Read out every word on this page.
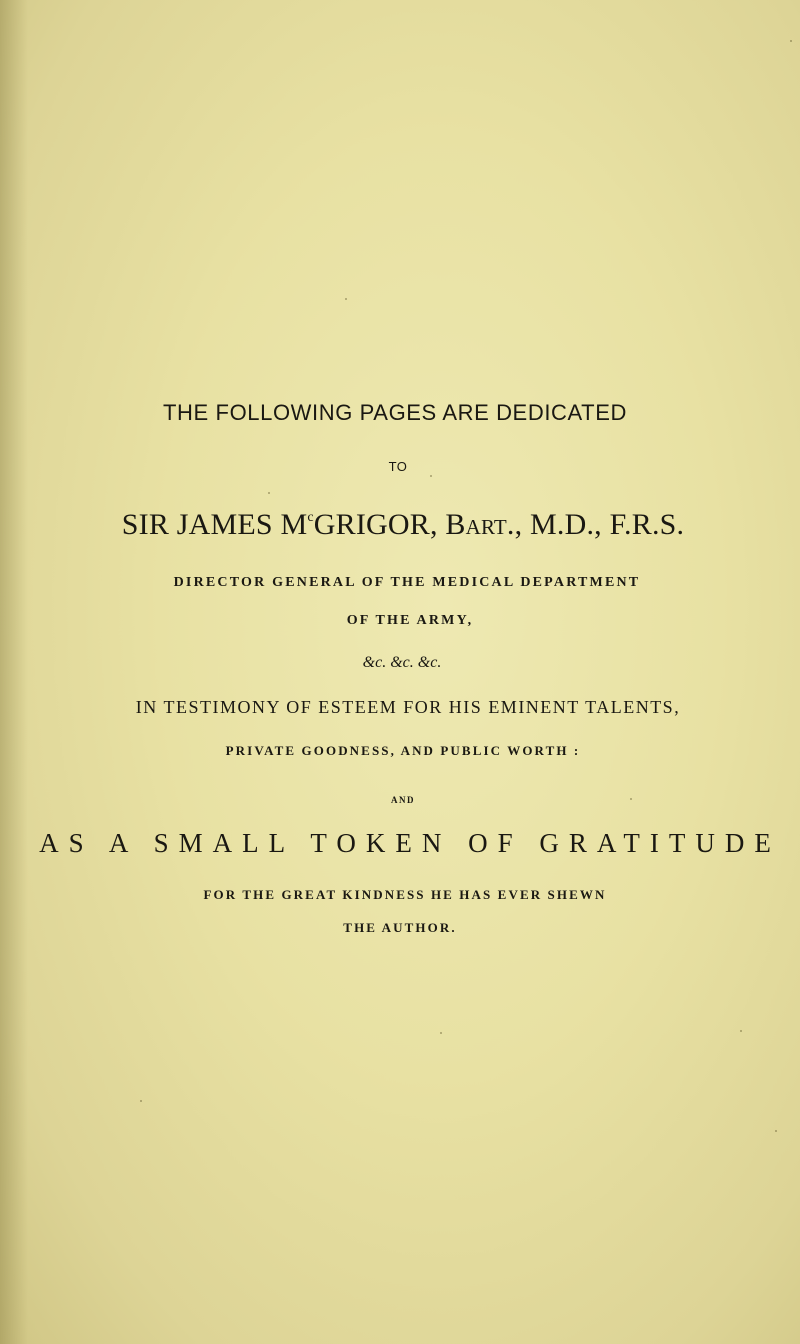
THE FOLLOWING PAGES ARE DEDICATED
TO
SIR JAMES $M^cGRIGOR$, Bart., M.D., F.R.S.
DIRECTOR GENERAL OF THE MEDICAL DEPARTMENT
OF THE ARMY,
&c. &c. &c.
IN TESTIMONY OF ESTEEM FOR HIS EMINENT TALENTS,
PRIVATE GOODNESS, AND PUBLIC WORTH :
AND
AS A SMALL TOKEN OF GRATITUDE
FOR THE GREAT KINDNESS HE HAS EVER SHEWN
THE AUTHOR.
